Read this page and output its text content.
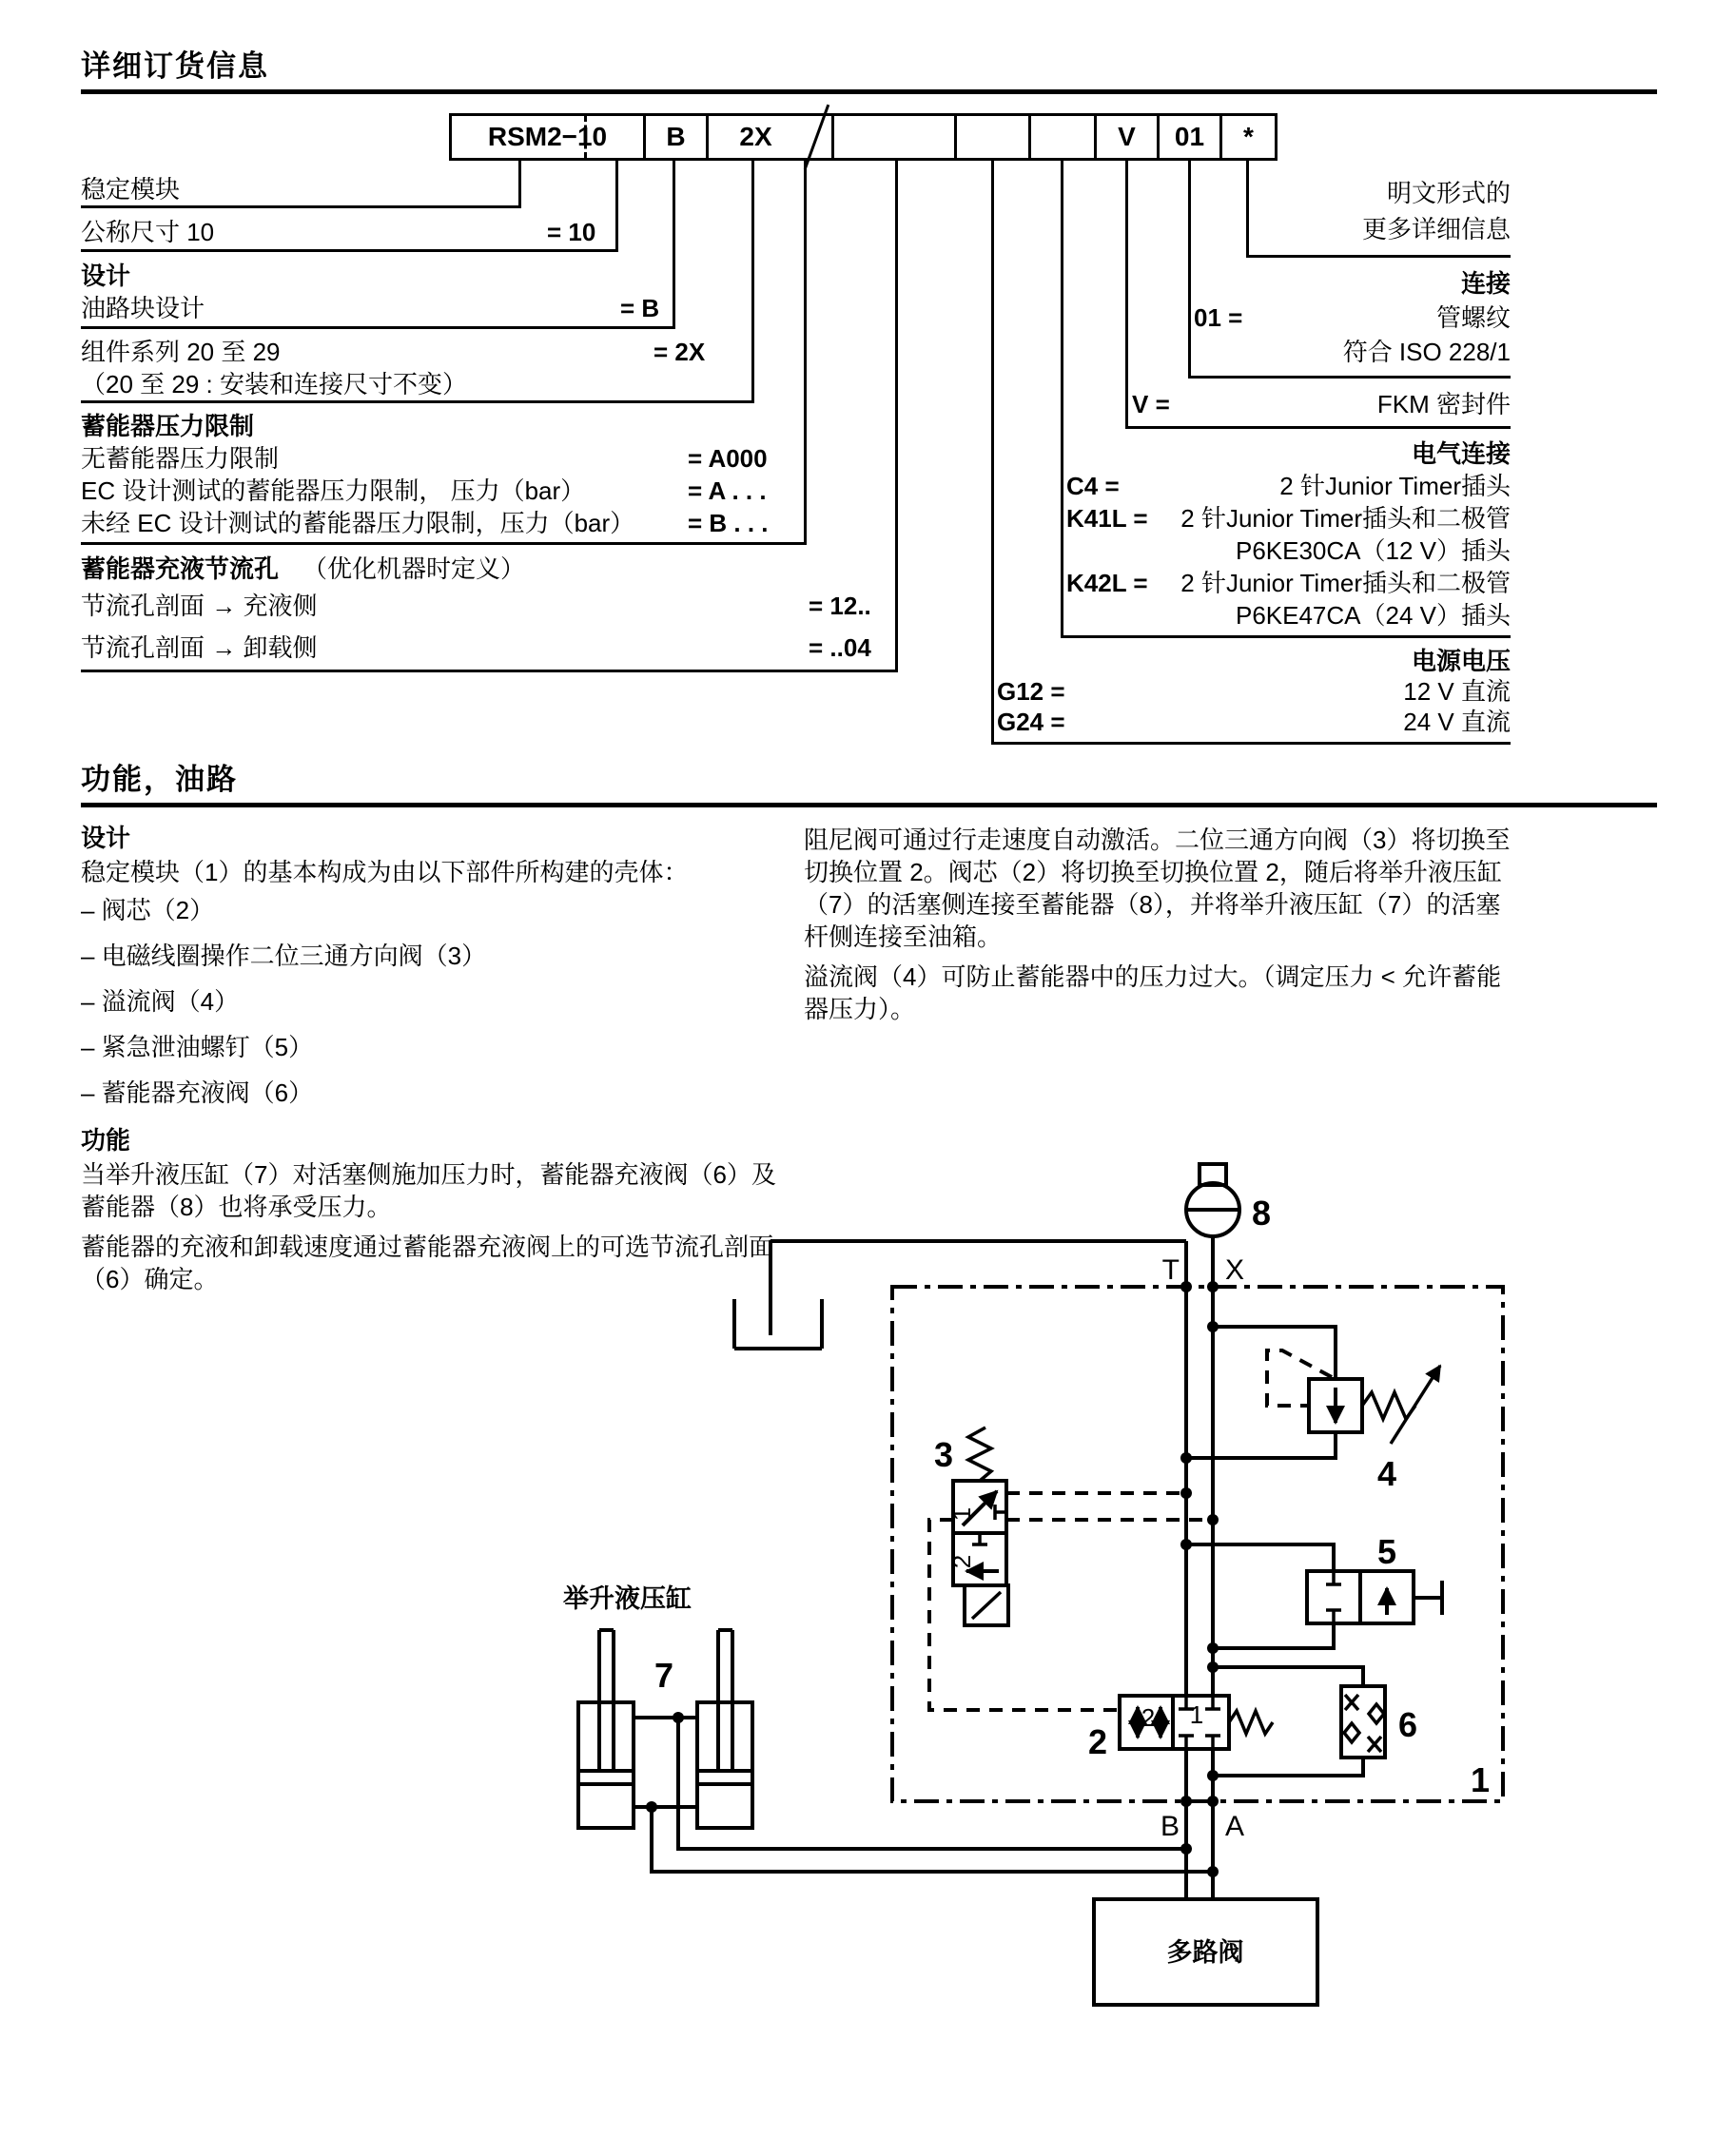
详细订货信息
RSM2−10 B 2X	V 01 *
稳定模块
公称尺寸 10	= 10
设计
油路块设计	= B
组件系列 20 至 29	= 2X
（20 至 29 : 安装和连接尺寸不变）
蓄能器压力限制
无蓄能器压力限制	= A000
EC 设计测试的蓄能器压力限制， 压力（bar）	= A . . .
未经 EC 设计测试的蓄能器压力限制，压力（bar） = B . . .
蓄能器充液节流孔 （优化机器时定义）
节流孔剖面 → 充液侧	= 12..
节流孔剖面 → 卸载侧	= ..04
明文形式的
更多详细信息
连接
01 =	管螺纹
符合 ISO 228/1
V =	FKM 密封件
电气连接
C4 =	2 针Junior Timer插头
K41L =	2 针Junior Timer插头和二极管
P6KE30CA（12 V）插头
K42L =	2 针Junior Timer插头和二极管
P6KE47CA（24 V）插头
电源电压
G12 =	12 V 直流
G24 =	24 V 直流
功能，油路
设计
稳定模块（1）的基本构成为由以下部件所构建的壳体：
– 阀芯（2）
– 电磁线圈操作二位三通方向阀（3）
– 溢流阀（4）
– 紧急泄油螺钉（5）
– 蓄能器充液阀（6）
功能
当举升液压缸（7）对活塞侧施加压力时，蓄能器充液阀（6）及蓄能器（8）也将承受压力。
蓄能器的充液和卸载速度通过蓄能器充液阀上的可选节流孔剖面（6）确定。
阻尼阀可通过行走速度自动激活。二位三通方向阀（3）将切换至切换位置 2。阀芯（2）将切换至切换位置 2，随后将举升液压缸（7）的活塞侧连接至蓄能器（8），并将举升液压缸（7）的活塞杆侧连接至油箱。
溢流阀（4）可防止蓄能器中的压力过大。（调定压力 < 允许蓄能器压力）。
1
8
T X
B A
4
3
1
2
2
2 1
5
6
举升液压缸
7
多路阀
